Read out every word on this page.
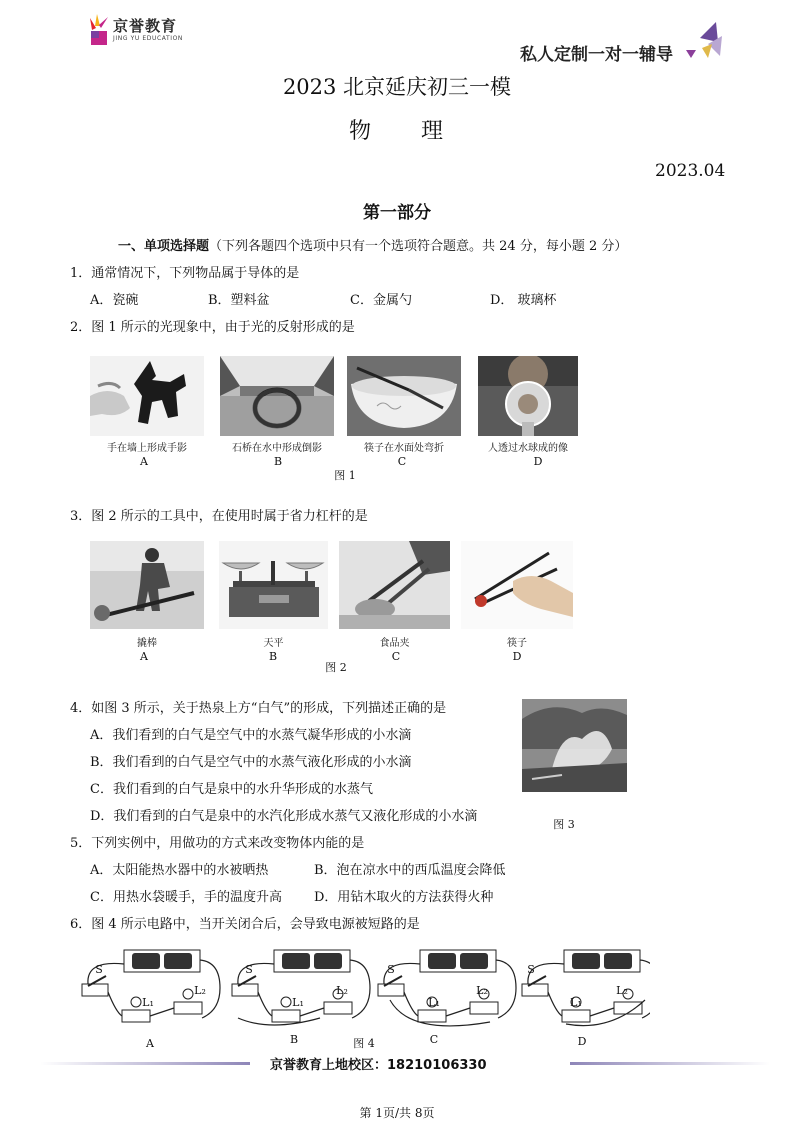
京誉教育
JING YU EDUCATION
私人定制一对一辅导
2023 北京延庆初三一模
物　　理
2023.04
第一部分
一、单项选择题（下列各题四个选项中只有一个选项符合题意。共 24 分，每小题 2 分）
1．通常情况下，下列物品属于导体的是
A．瓷碗	B．塑料盆	C．金属勺	D． 玻璃杯
2．图 1 所示的光现象中，由于光的反射形成的是
手在墙上形成手影	石桥在水中形成倒影	筷子在水面处弯折	人透过水球成的像
A	B	C	D
图 1
3．图 2 所示的工具中，在使用时属于省力杠杆的是
撬棒	天平	食品夹	筷子
A	B	C	D
图 2
4．如图 3 所示，关于热泉上方“白气”的形成，下列描述正确的是
A．我们看到的白气是空气中的水蒸气凝华形成的小水滴
B．我们看到的白气是空气中的水蒸气液化形成的小水滴
C．我们看到的白气是泉中的水升华形成的水蒸气
D．我们看到的白气是泉中的水汽化形成水蒸气又液化形成的小水滴
图 3
5．下列实例中，用做功的方式来改变物体内能的是
A．太阳能热水器中的水被晒热	B．泡在凉水中的西瓜温度会降低
C．用热水袋暖手，手的温度升高 D．用钻木取火的方法获得火种
6．图 4 所示电路中，当开关闭合后，会导致电源被短路的是
S
L₁
L₂
S
L₁
L₂
S
L₁
L₂
S
L₁
L₂
A	B	C	D
图 4
京誉教育上地校区：18210106330
第 1页/共 8页
